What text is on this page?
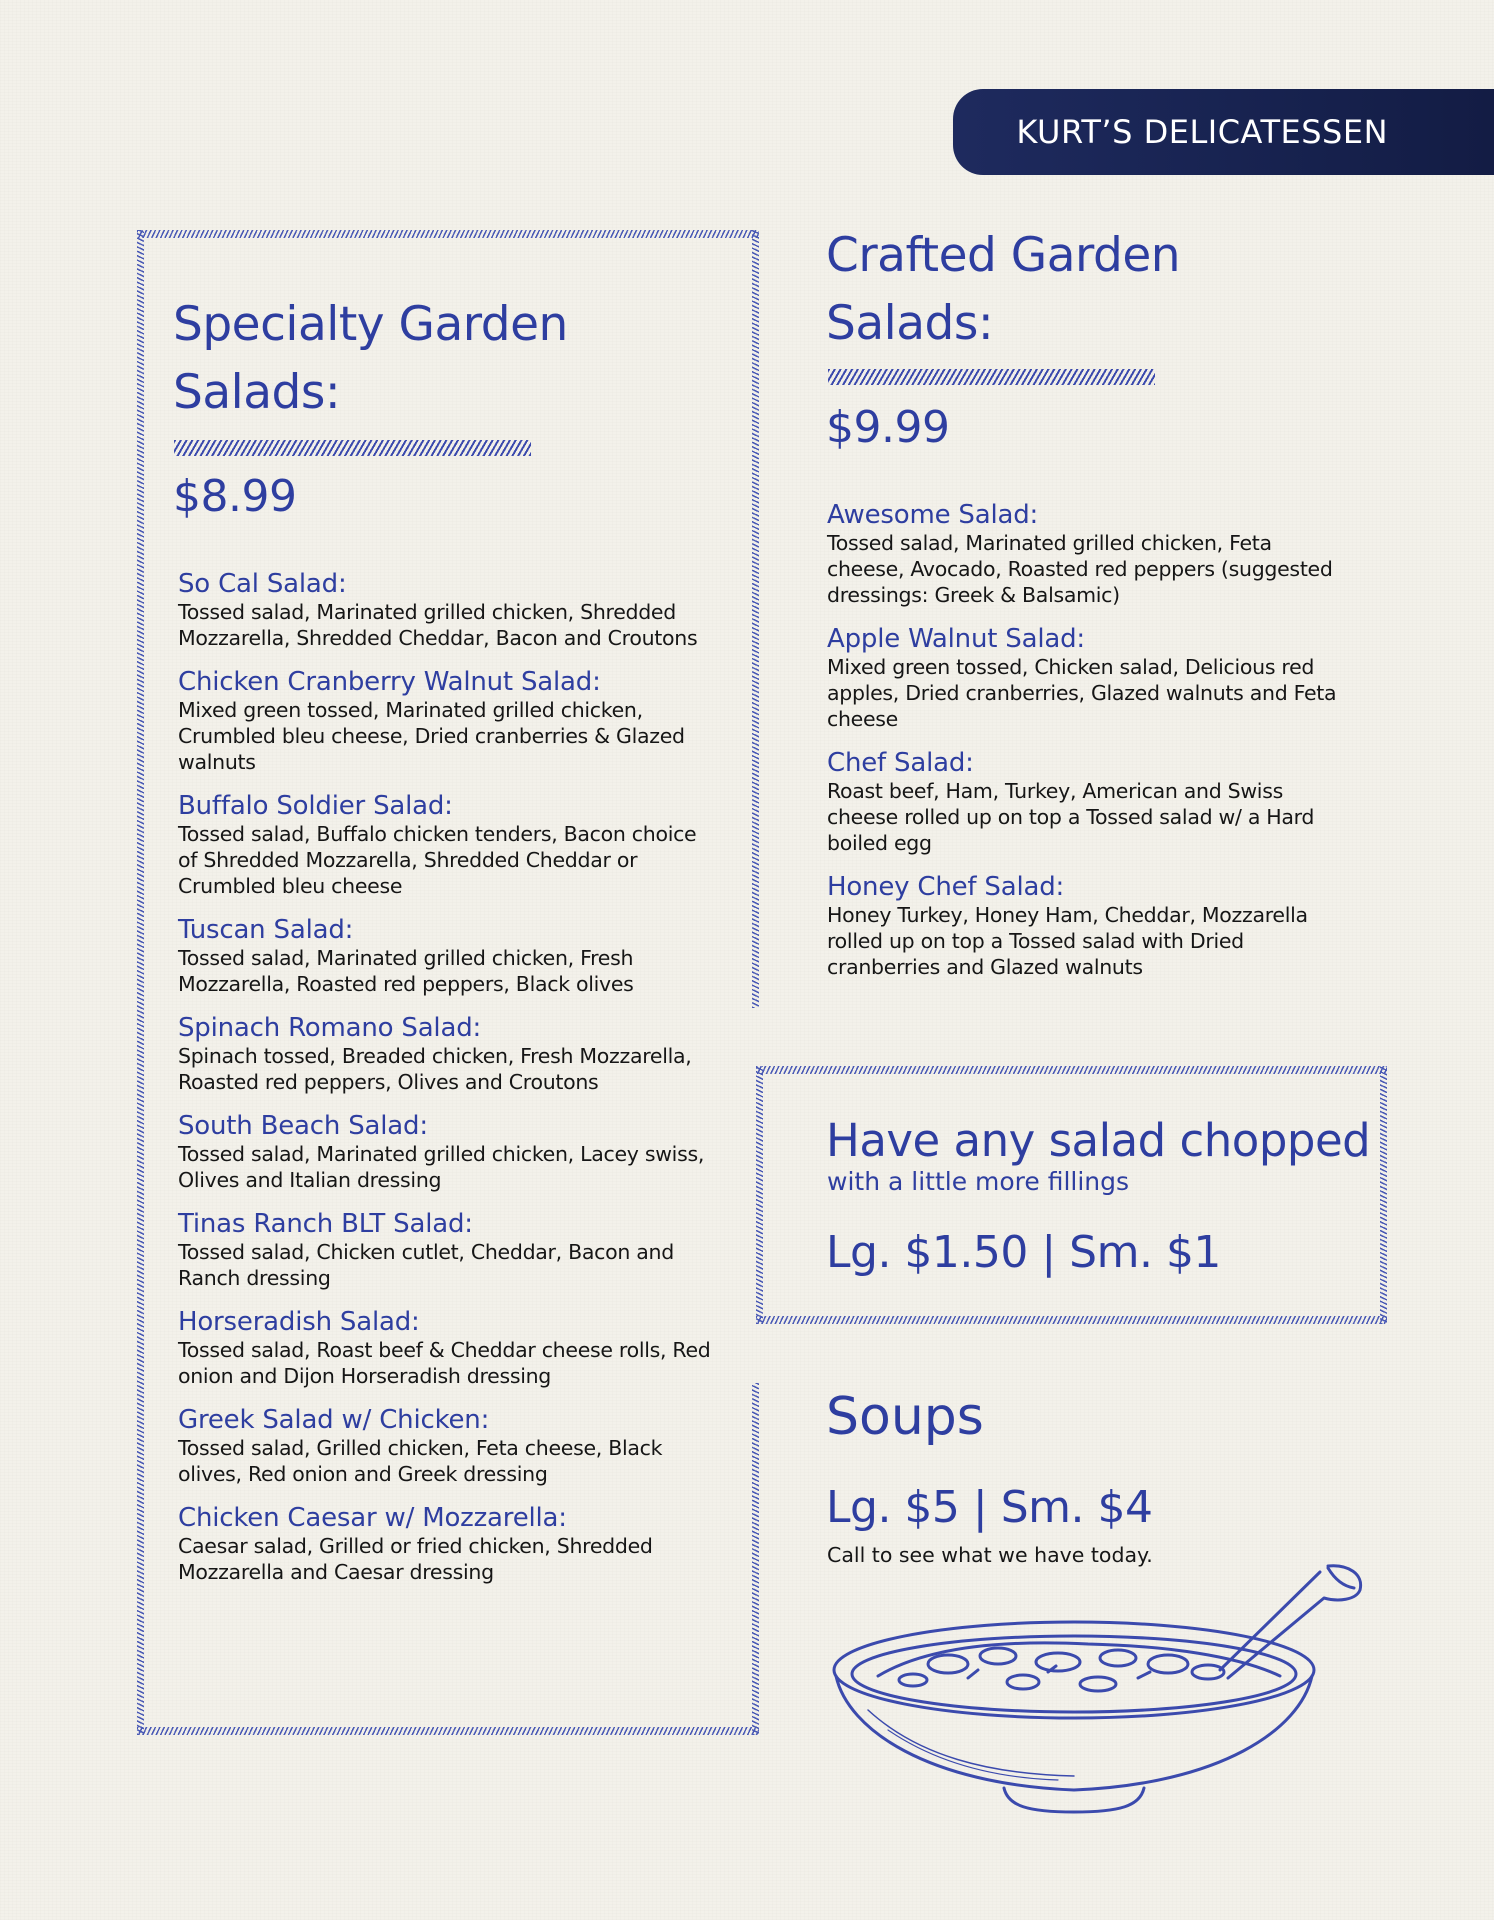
KURT’S DELICATESSEN
Specialty Garden
Salads:
$8.99
So Cal Salad:
Tossed salad, Marinated grilled chicken, Shredded Mozzarella, Shredded Cheddar, Bacon and Croutons
Chicken Cranberry Walnut Salad:
Mixed green tossed, Marinated grilled chicken, Crumbled bleu cheese, Dried cranberries & Glazed walnuts
Buffalo Soldier Salad:
Tossed salad, Buffalo chicken tenders, Bacon choice of Shredded Mozzarella, Shredded Cheddar or Crumbled bleu cheese
Tuscan Salad:
Tossed salad, Marinated grilled chicken, Fresh Mozzarella, Roasted red peppers, Black olives
Spinach Romano Salad:
Spinach tossed, Breaded chicken, Fresh Mozzarella, Roasted red peppers, Olives and Croutons
South Beach Salad:
Tossed salad, Marinated grilled chicken, Lacey swiss, Olives and Italian dressing
Tinas Ranch BLT Salad:
Tossed salad, Chicken cutlet, Cheddar, Bacon and Ranch dressing
Horseradish Salad:
Tossed salad, Roast beef & Cheddar cheese rolls, Red onion and Dijon Horseradish dressing
Greek Salad w/ Chicken:
Tossed salad, Grilled chicken, Feta cheese, Black olives, Red onion and Greek dressing
Chicken Caesar w/ Mozzarella:
Caesar salad, Grilled or fried chicken, Shredded Mozzarella and Caesar dressing
Crafted Garden
Salads:
$9.99
Awesome Salad:
Tossed salad, Marinated grilled chicken, Feta cheese, Avocado, Roasted red peppers (suggested dressings: Greek & Balsamic)
Apple Walnut Salad:
Mixed green tossed, Chicken salad, Delicious red apples, Dried cranberries, Glazed walnuts and Feta cheese
Chef Salad:
Roast beef, Ham, Turkey, American and Swiss cheese rolled up on top a Tossed salad w/ a Hard boiled egg
Honey Chef Salad:
Honey Turkey, Honey Ham, Cheddar, Mozzarella rolled up on top a Tossed salad with Dried cranberries and Glazed walnuts
Have any salad chopped
with a little more fillings
Lg. $1.50 | Sm. $1
Soups
Lg. $5 | Sm. $4
Call to see what we have today.
